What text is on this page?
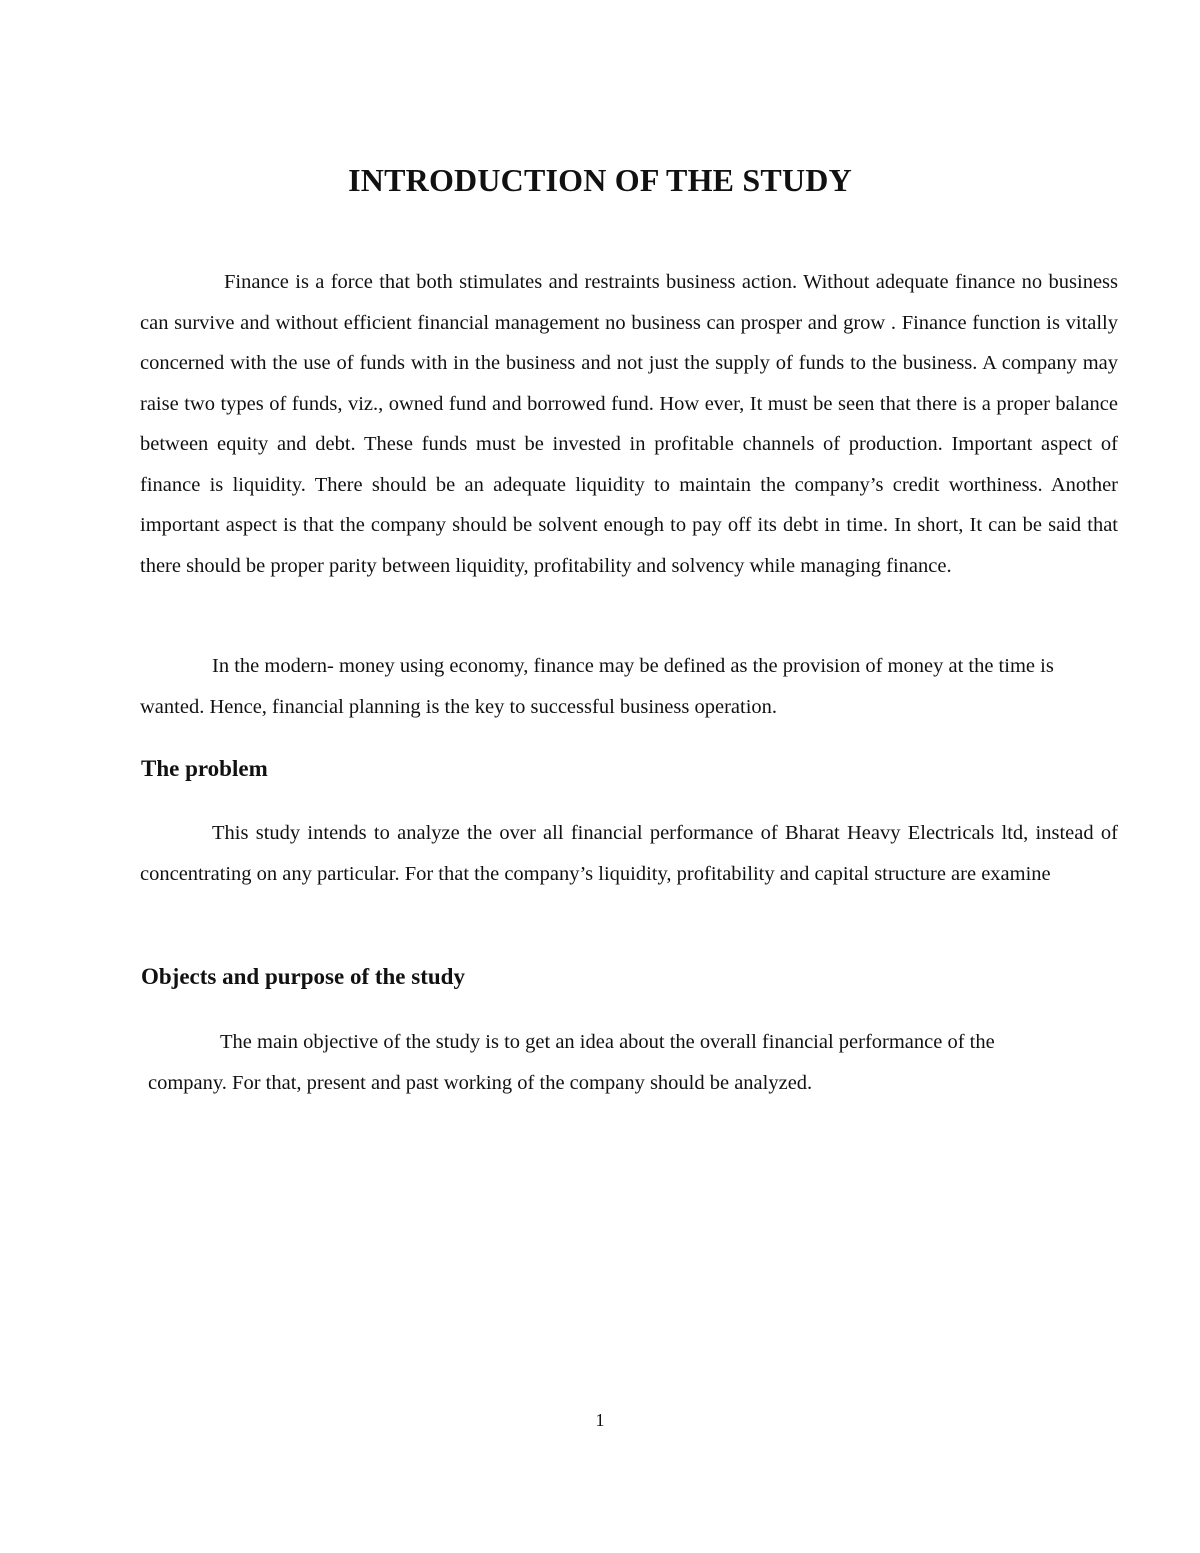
INTRODUCTION OF THE STUDY

Finance is a force that both stimulates and restraints business action. Without adequate finance no business can survive and without efficient financial management no business can prosper and grow . Finance function is vitally concerned with the use of funds with in the business and not just the supply of funds to the business. A company may raise two types of funds, viz., owned fund and borrowed fund. How ever, It must be seen that there is a proper balance between equity and debt. These funds must be invested in profitable channels of production. Important aspect of finance is liquidity. There should be an adequate liquidity to maintain the company’s credit worthiness. Another important aspect is that the company should be solvent enough to pay off its debt in time. In short, It can be said that there should be proper parity between liquidity, profitability and solvency while managing finance.

In the modern- money using economy, finance may be defined as the provision of money at the time is wanted. Hence, financial planning is the key to successful business operation.

The problem

This study intends to analyze the over all financial performance of Bharat Heavy Electricals ltd, instead of concentrating on any particular. For that the company’s liquidity, profitability and capital structure are examine

Objects and purpose of the study

The main objective of the study is to get an idea about the overall financial performance of the company. For that, present and past working of the company should be analyzed.

1
